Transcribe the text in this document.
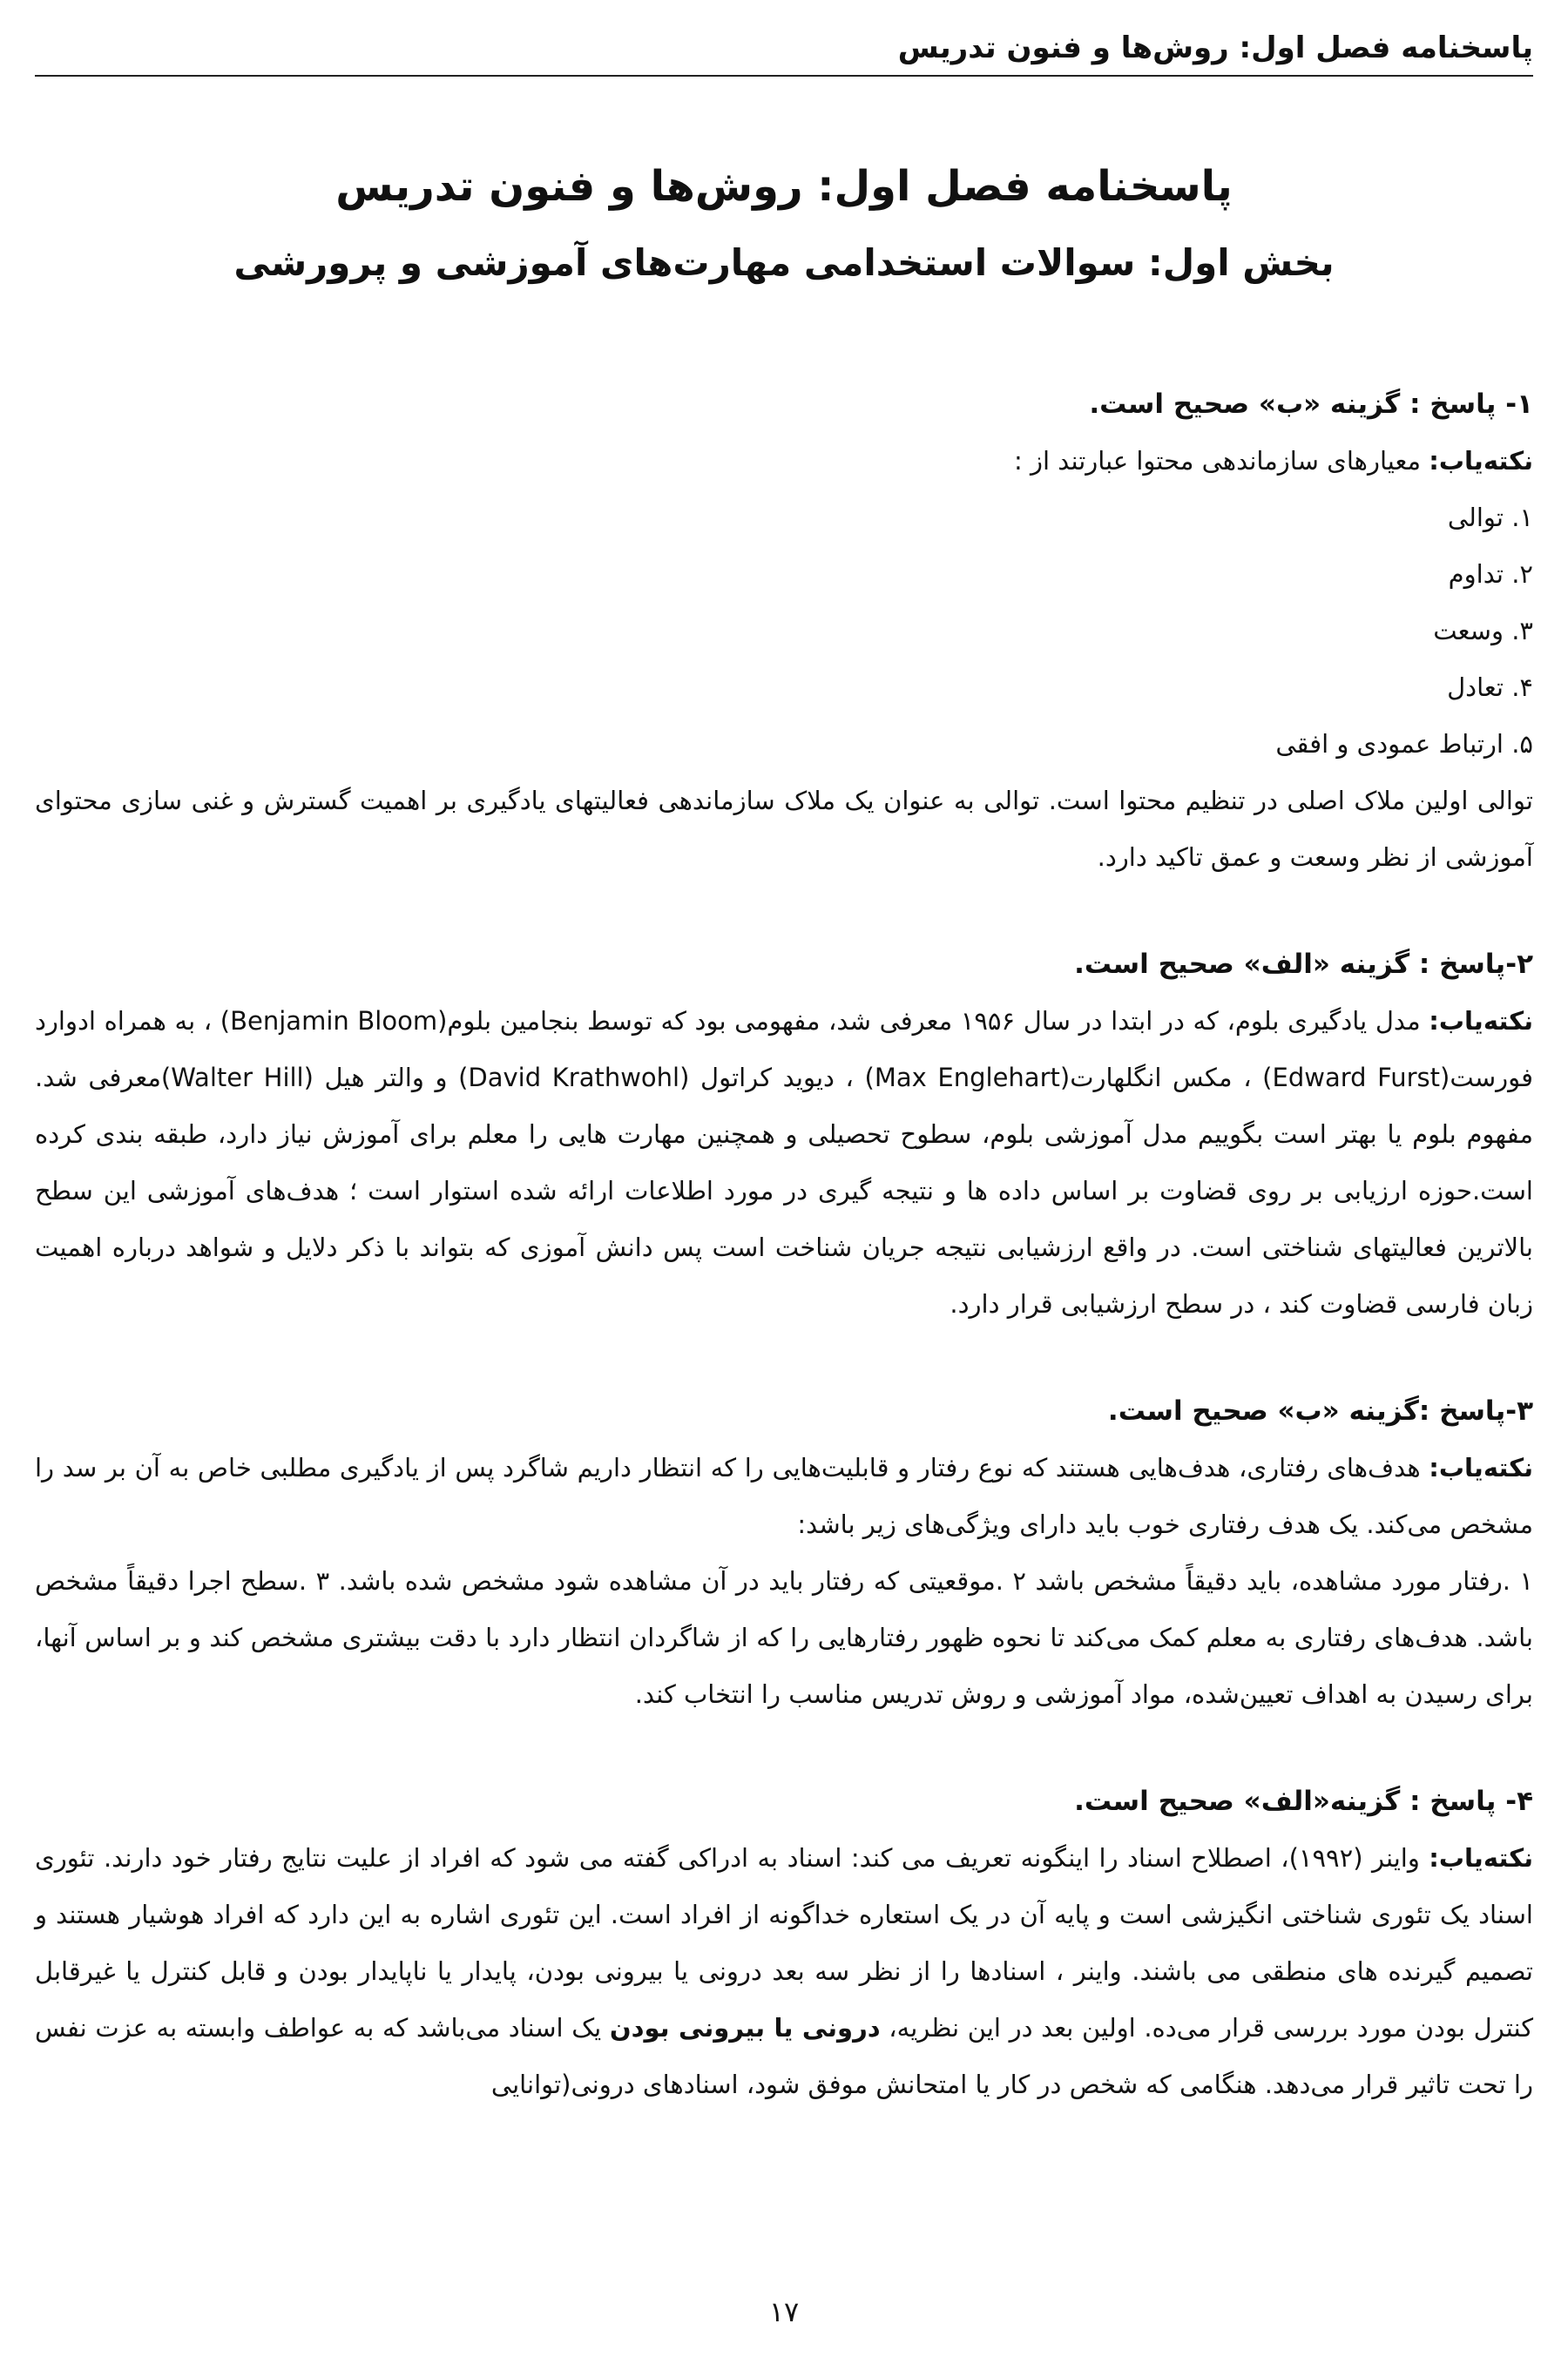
پاسخنامه فصل اول: روش‌ها و فنون تدریس
پاسخنامه فصل اول: روش‌ها و فنون تدریس
بخش اول: سوالات استخدامی مهارت‌های آموزشی و پرورشی

۱- پاسخ : گزینه «ب» صحیح است.

نکته‌یاب: معیارهای سازماندهی محتوا عبارتند از :

۱. توالی
۲. تداوم
۳. وسعت
۴. تعادل
۵. ارتباط عمودی و افقی

توالی اولین ملاک اصلی در تنظیم محتوا است. توالی به عنوان یک ملاک سازماندهی فعالیتهای یادگیری بر اهمیت گسترش و غنی سازی محتوای آموزشی از نظر وسعت و عمق تاکید دارد.

۲-پاسخ : گزینه «الف» صحیح است.

نکته‌یاب: مدل یادگیری بلوم، که در ابتدا در سال ۱۹۵۶ معرفی شد، مفهومی بود که توسط بنجامین بلوم(Benjamin Bloom) ، به همراه ادوارد فورست(Edward Furst) ، مکس انگلهارت(Max Englehart) ، دیوید کراتول (David Krathwohl) و والتر هیل (Walter Hill)معرفی شد. مفهوم بلوم یا بهتر است بگوییم مدل آموزشی بلوم، سطوح تحصیلی و همچنین مهارت هایی را معلم برای آموزش نیاز دارد، طبقه بندی کرده است.حوزه ارزیابی بر روی قضاوت بر اساس داده ها و نتیجه گیری در مورد اطلاعات ارائه شده استوار است ؛ هدف‌های آموزشی این سطح بالاترین فعالیتهای شناختی است. در واقع ارزشیابی نتیجه جریان شناخت است پس دانش آموزی که بتواند با ذکر دلایل و شواهد درباره اهمیت زبان فارسی قضاوت کند ، در سطح ارزشیابی قرار دارد.

۳-پاسخ :گزینه «ب» صحیح است.

نکته‌یاب: هدف‌های رفتاری، هدف‌هایی هستند که نوع رفتار و قابلیت‌هایی را که انتظار داریم شاگرد پس از یادگیری مطلبی خاص به آن بر سد را مشخص می‌کند. یک هدف رفتاری خوب باید دارای ویژگی‌های زیر باشد:

۱ .رفتار مورد مشاهده، باید دقیقاً مشخص باشد ۲ .موقعیتی که رفتار باید در آن مشاهده شود مشخص شده باشد. ۳ .سطح اجرا دقیقاً مشخص باشد. هدف‌های رفتاری به معلم کمک می‌کند تا نحوه ظهور رفتارهایی را که از شاگردان انتظار دارد با دقت بیشتری مشخص کند و بر اساس آنها، برای رسیدن به اهداف تعیین‌شده، مواد آموزشی و روش تدریس مناسب را انتخاب کند.

۴- پاسخ : گزینه«الف» صحیح است.

نکته‌یاب: واینر (۱۹۹۲)، اصطلاح اسناد را اینگونه تعریف می کند: اسناد به ادراکی گفته می شود که افراد از علیت نتایج رفتار خود دارند. تئوری اسناد یک تئوری شناختی انگیزشی است و پایه آن در یک استعاره خداگونه از افراد است. این تئوری اشاره به این دارد که افراد هوشیار هستند و تصمیم گیرنده های منطقی می باشند. واینر ، اسنادها را از نظر سه بعد درونی یا بیرونی بودن، پایدار یا ناپایدار بودن و قابل کنترل یا غیرقابل کنترل بودن مورد بررسی قرار می‌ده. اولین بعد در این نظریه، درونی یا بیرونی بودن یک اسناد می‌باشد که به عواطف وابسته به عزت نفس را تحت تاثیر قرار می‌دهد. هنگامی که شخص در کار یا امتحانش موفق شود، اسنادهای درونی(توانایی

۱۷
